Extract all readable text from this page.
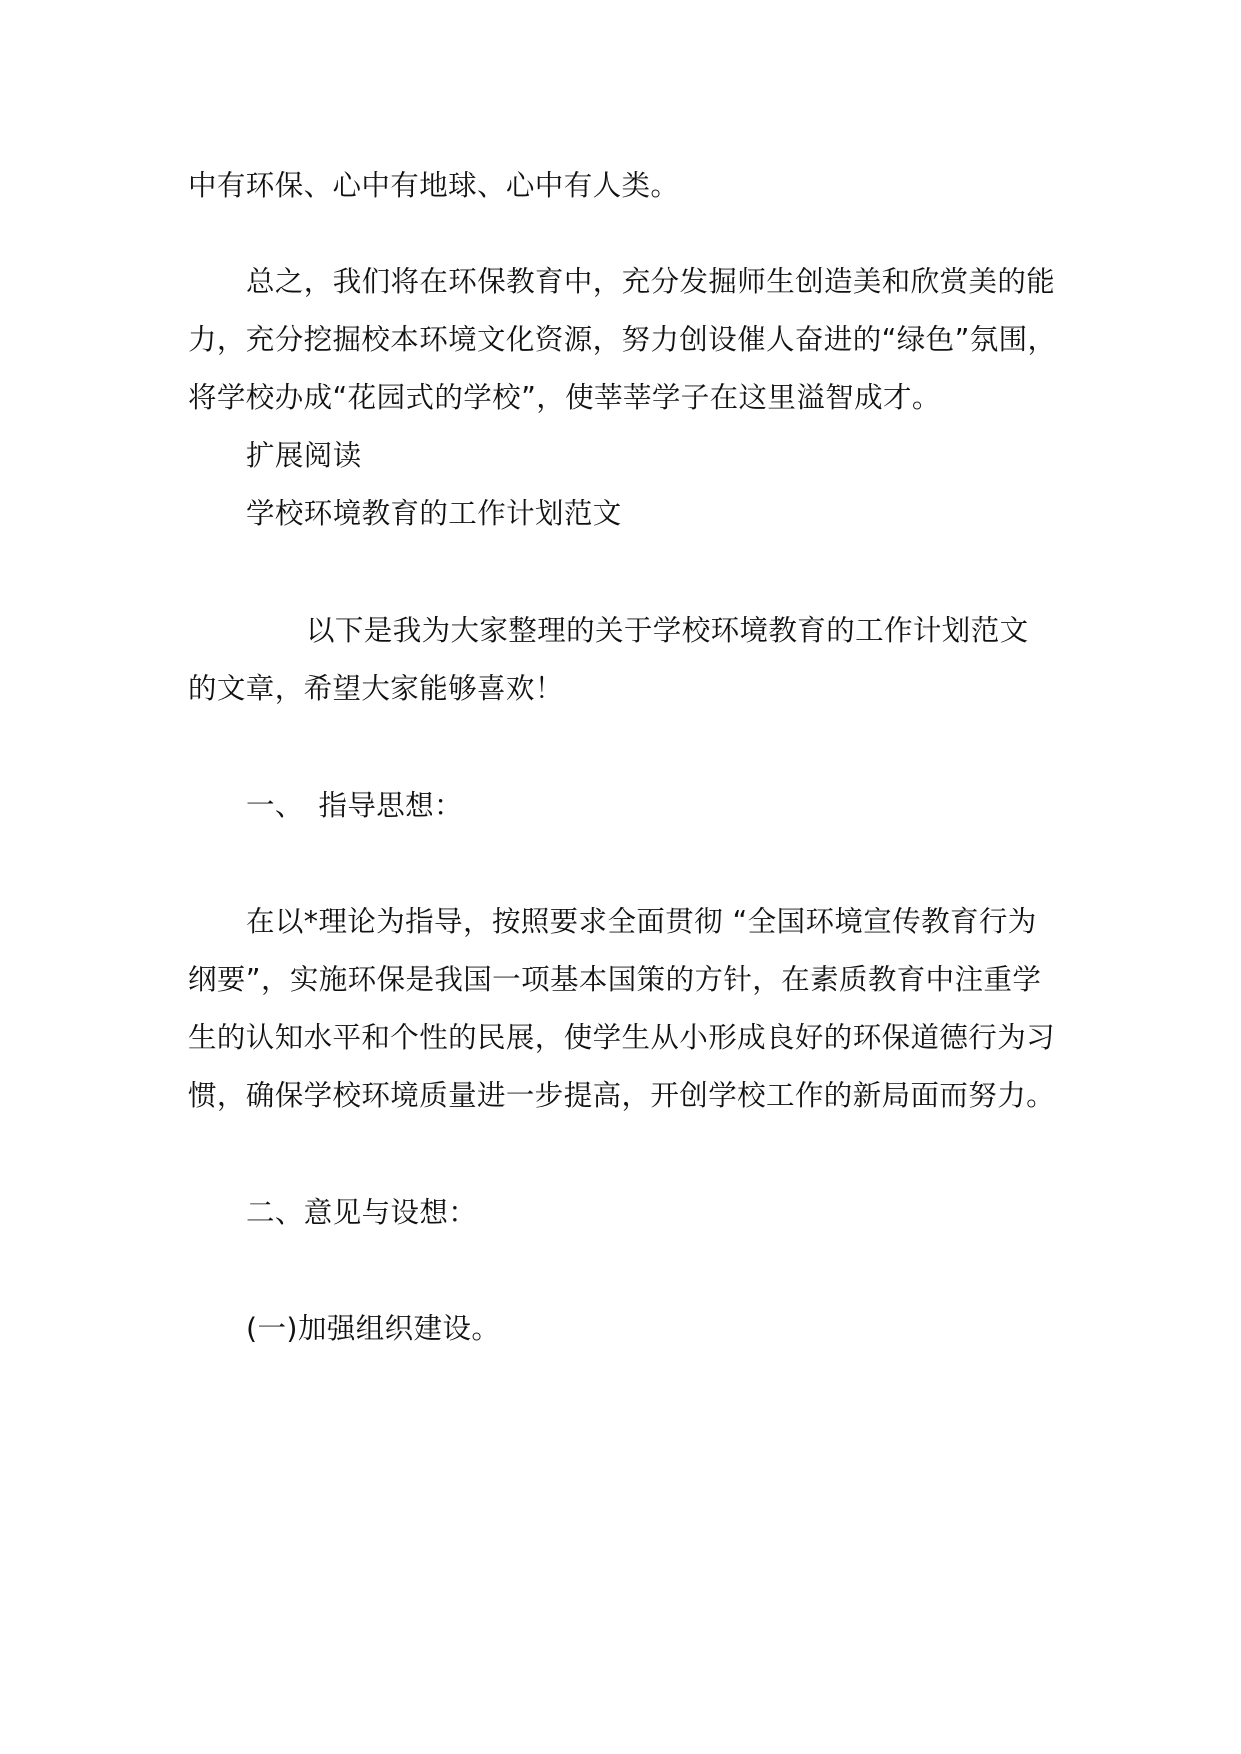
中有环保、心中有地球、心中有人类。
总之，我们将在环保教育中，充分发掘师生创造美和欣赏美的能
力，充分挖掘校本环境文化资源，努力创设催人奋进的“绿色”氛围，
将学校办成“花园式的学校”，使莘莘学子在这里溢智成才。
扩展阅读
学校环境教育的工作计划范文
以下是我为大家整理的关于学校环境教育的工作计划范文
的文章，希望大家能够喜欢！
一、　指导思想：
在以*理论为指导，按照要求全面贯彻 “全国环境宣传教育行为
纲要”，实施环保是我国一项基本国策的方针，在素质教育中注重学
生的认知水平和个性的民展，使学生从小形成良好的环保道德行为习
惯，确保学校环境质量进一步提高，开创学校工作的新局面而努力。
二、意见与设想：
(一)加强组织建设。
